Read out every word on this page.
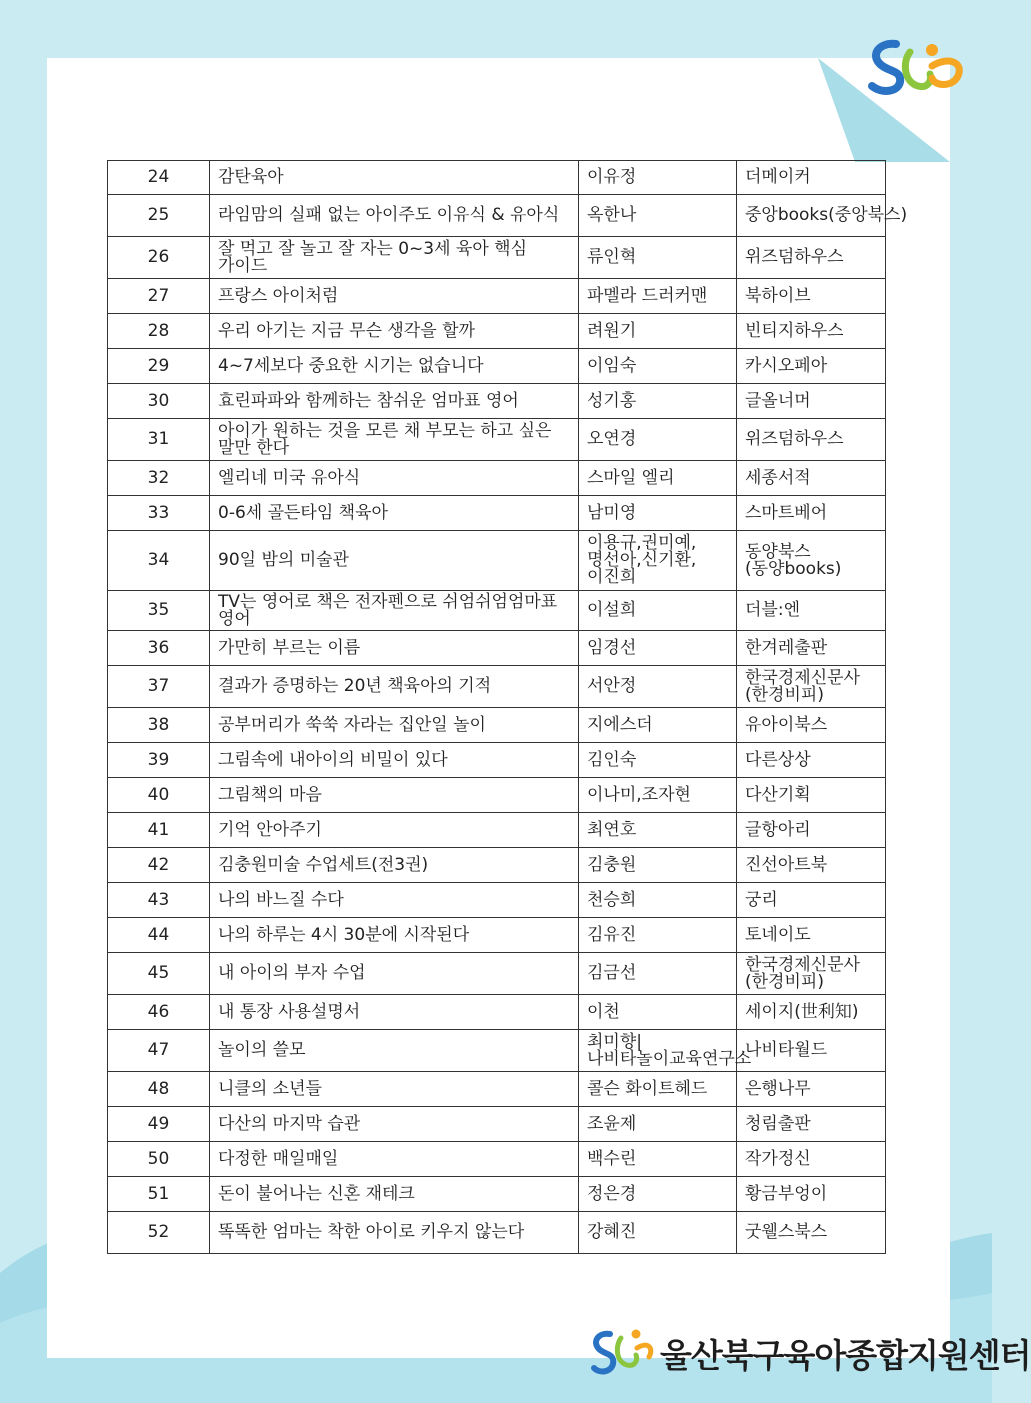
24	감탄육아	이유정	더메이커
25	라임맘의 실패 없는 아이주도 이유식 & 유아식	옥한나	중앙books(중앙북스)
26	잘 먹고 잘 놀고 잘 자는 0~3세 육아 핵심 가이드	류인혁	위즈덤하우스
27	프랑스 아이처럼	파멜라 드러커맨	북하이브
28	우리 아기는 지금 무슨 생각을 할까	려원기	빈티지하우스
29	4~7세보다 중요한 시기는 없습니다	이임숙	카시오페아
30	효린파파와 함께하는 참쉬운 엄마표 영어	성기홍	글올너머
31	아이가 원하는 것을 모른 채 부모는 하고 싶은 말만 한다	오연경	위즈덤하우스
32	엘리네 미국 유아식	스마일 엘리	세종서적
33	0-6세 골든타임 책육아	남미영	스마트베어
34	90일 밤의 미술관	이용규,권미예,명선아,신기환,이진희	동양북스(동양books)
35	TV는 영어로 책은 전자펜으로 쉬엄쉬엄엄마표 영어	이설희	더블:엔
36	가만히 부르는 이름	임경선	한겨레출판
37	결과가 증명하는 20년 책육아의 기적	서안정	한국경제신문사(한경비피)
38	공부머리가 쑥쑥 자라는 집안일 놀이	지에스더	유아이북스
39	그림속에 내아이의 비밀이 있다	김인숙	다른상상
40	그림책의 마음	이나미,조자현	다산기획
41	기억 안아주기	최연호	글항아리
42	김충원미술 수업세트(전3권)	김충원	진선아트북
43	나의 바느질 수다	천승희	궁리
44	나의 하루는 4시 30분에 시작된다	김유진	토네이도
45	내 아이의 부자 수업	김금선	한국경제신문사(한경비피)
46	내 통장 사용설명서	이천	세이지(世利知)
47	놀이의 쓸모	최미향|나비타놀이교육연구소	나비타월드
48	니클의 소년들	콜슨 화이트헤드	은행나무
49	다산의 마지막 습관	조윤제	청림출판
50	다정한 매일매일	백수린	작가정신
51	돈이 불어나는 신혼 재테크	정은경	황금부엉이
52	똑똑한 엄마는 착한 아이로 키우지 않는다	강혜진	굿웰스북스
울산북구육아종합지원센터
